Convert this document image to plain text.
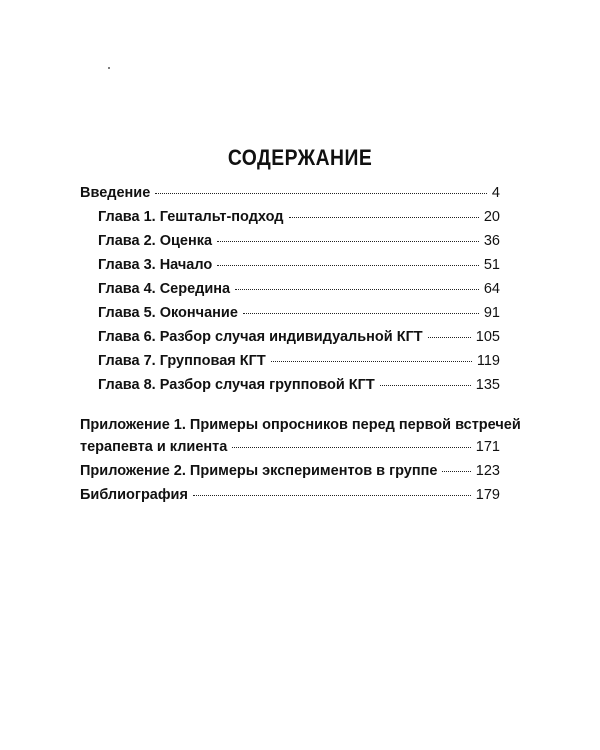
СОДЕРЖАНИЕ
Введение	4
Глава 1. Гештальт-подход	20
Глава 2. Оценка	36
Глава 3. Начало	51
Глава 4. Середина	64
Глава 5. Окончание	91
Глава 6. Разбор случая индивидуальной КГТ	105
Глава 7. Групповая КГТ	119
Глава 8. Разбор случая групповой КГТ	135
Приложение 1. Примеры опросников перед первой встречей
терапевта и клиента	171
Приложение 2. Примеры экспериментов в группе	123
Библиография	179
